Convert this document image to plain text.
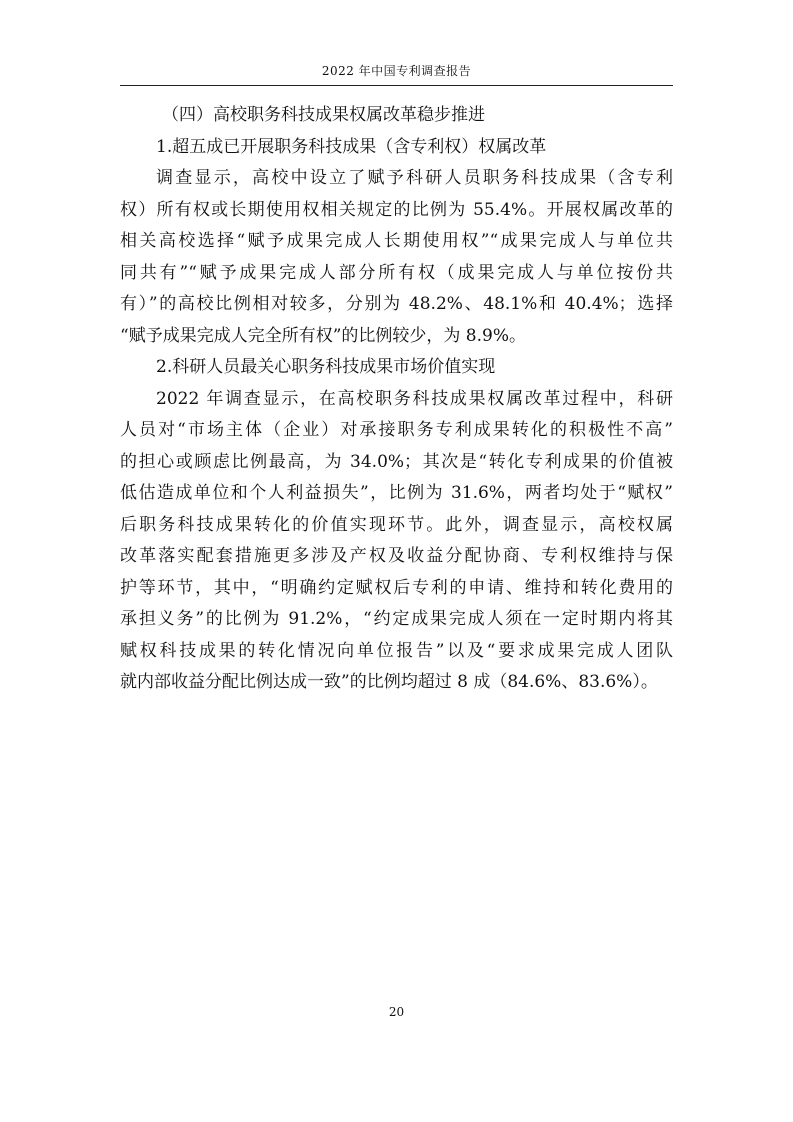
2022 年中国专利调查报告
（四）高校职务科技成果权属改革稳步推进
1.超五成已开展职务科技成果（含专利权）权属改革
调查显示，高校中设立了赋予科研人员职务科技成果（含专利
权）所有权或长期使用权相关规定的比例为 55.4%。开展权属改革的
相关高校选择“赋予成果完成人长期使用权”“成果完成人与单位共
同共有”“赋予成果完成人部分所有权（成果完成人与单位按份共
有）”的高校比例相对较多，分别为 48.2%、48.1%和 40.4%；选择
“赋予成果完成人完全所有权”的比例较少，为 8.9%。
2.科研人员最关心职务科技成果市场价值实现
2022 年调查显示，在高校职务科技成果权属改革过程中，科研
人员对“市场主体（企业）对承接职务专利成果转化的积极性不高”
的担心或顾虑比例最高，为 34.0%；其次是“转化专利成果的价值被
低估造成单位和个人利益损失”，比例为 31.6%，两者均处于“赋权”
后职务科技成果转化的价值实现环节。此外，调查显示，高校权属
改革落实配套措施更多涉及产权及收益分配协商、专利权维持与保
护等环节，其中，“明确约定赋权后专利的申请、维持和转化费用的
承担义务”的比例为 91.2%，“约定成果完成人须在一定时期内将其
赋权科技成果的转化情况向单位报告”以及“要求成果完成人团队
就内部收益分配比例达成一致”的比例均超过 8 成（84.6%、83.6%）。
20
